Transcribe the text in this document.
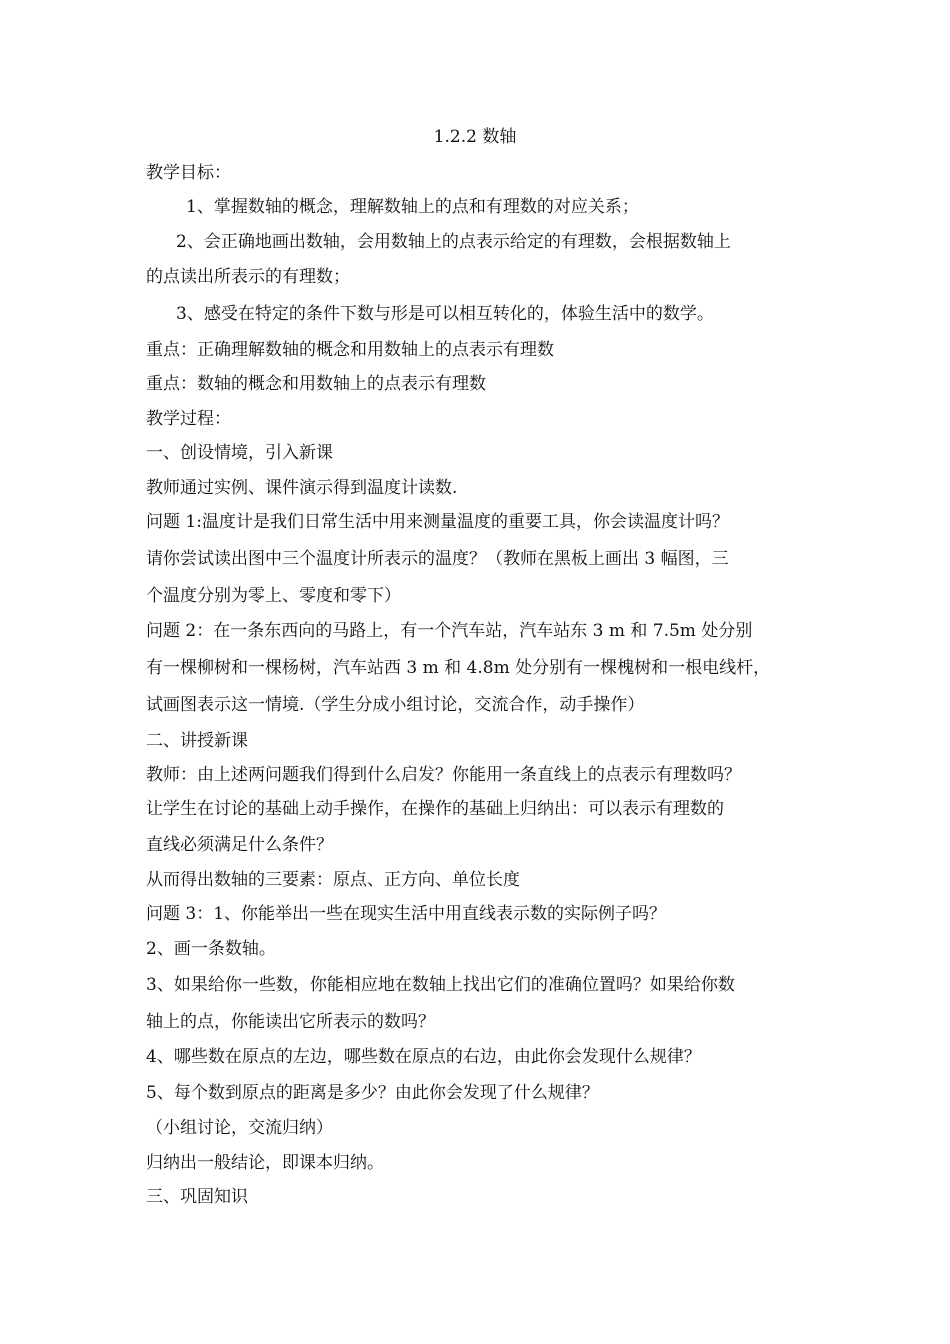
1.2.2 数轴
教学目标：
1、掌握数轴的概念，理解数轴上的点和有理数的对应关系；
2、会正确地画出数轴，会用数轴上的点表示给定的有理数，会根据数轴上
的点读出所表示的有理数；
3、感受在特定的条件下数与形是可以相互转化的，体验生活中的数学。
重点：正确理解数轴的概念和用数轴上的点表示有理数
重点：数轴的概念和用数轴上的点表示有理数
教学过程：
一、创设情境，引入新课
教师通过实例、课件演示得到温度计读数.
问题 1:温度计是我们日常生活中用来测量温度的重要工具，你会读温度计吗？
请你尝试读出图中三个温度计所表示的温度？（教师在黑板上画出 3 幅图，三
个温度分别为零上、零度和零下）
问题 2：在一条东西向的马路上，有一个汽车站，汽车站东 3 m 和 7.5m 处分别
有一棵柳树和一棵杨树，汽车站西 3 m 和 4.8m 处分别有一棵槐树和一根电线杆，
试画图表示这一情境.（学生分成小组讨论，交流合作，动手操作）
二、讲授新课
教师：由上述两问题我们得到什么启发？你能用一条直线上的点表示有理数吗？
让学生在讨论的基础上动手操作，在操作的基础上归纳出：可以表示有理数的
直线必须满足什么条件？
从而得出数轴的三要素：原点、正方向、单位长度
问题 3：1、你能举出一些在现实生活中用直线表示数的实际例子吗？
2、画一条数轴。
3、如果给你一些数，你能相应地在数轴上找出它们的准确位置吗？如果给你数
轴上的点，你能读出它所表示的数吗？
4、哪些数在原点的左边，哪些数在原点的右边，由此你会发现什么规律？
5、每个数到原点的距离是多少？由此你会发现了什么规律？
（小组讨论，交流归纳）
归纳出一般结论，即课本归纳。
三、巩固知识
